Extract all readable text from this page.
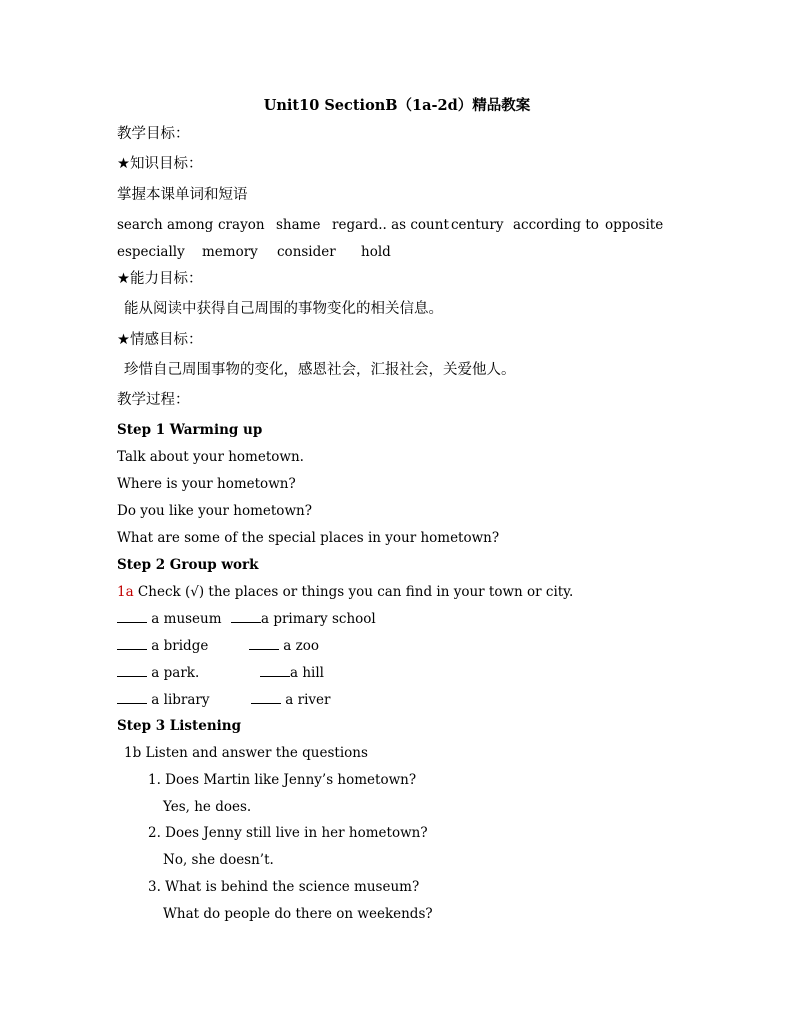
Unit10 SectionB（1a-2d）精品教案
教学目标：
★知识目标：
掌握本课单词和短语
search among crayon shame regard.. as count century according to opposite
especially memory consider hold
★能力目标：
能从阅读中获得自己周围的事物变化的相关信息。
★情感目标：
珍惜自己周围事物的变化，感恩社会，汇报社会，关爱他人。
教学过程：
Step 1 Warming up
Talk about your hometown.
Where is your hometown?
Do you like your hometown?
What are some of the special places in your hometown?
Step 2 Group work
1a Check (√) the places or things you can find in your town or city.
a museum
a bridge
a park.
a library
a primary school
a zoo
a hill
a river
Step 3 Listening
1b Listen and answer the questions
1. Does Martin like Jenny’s hometown?
Yes, he does.
2. Does Jenny still live in her hometown?
No, she doesn’t.
3. What is behind the science museum?
What do people do there on weekends?
